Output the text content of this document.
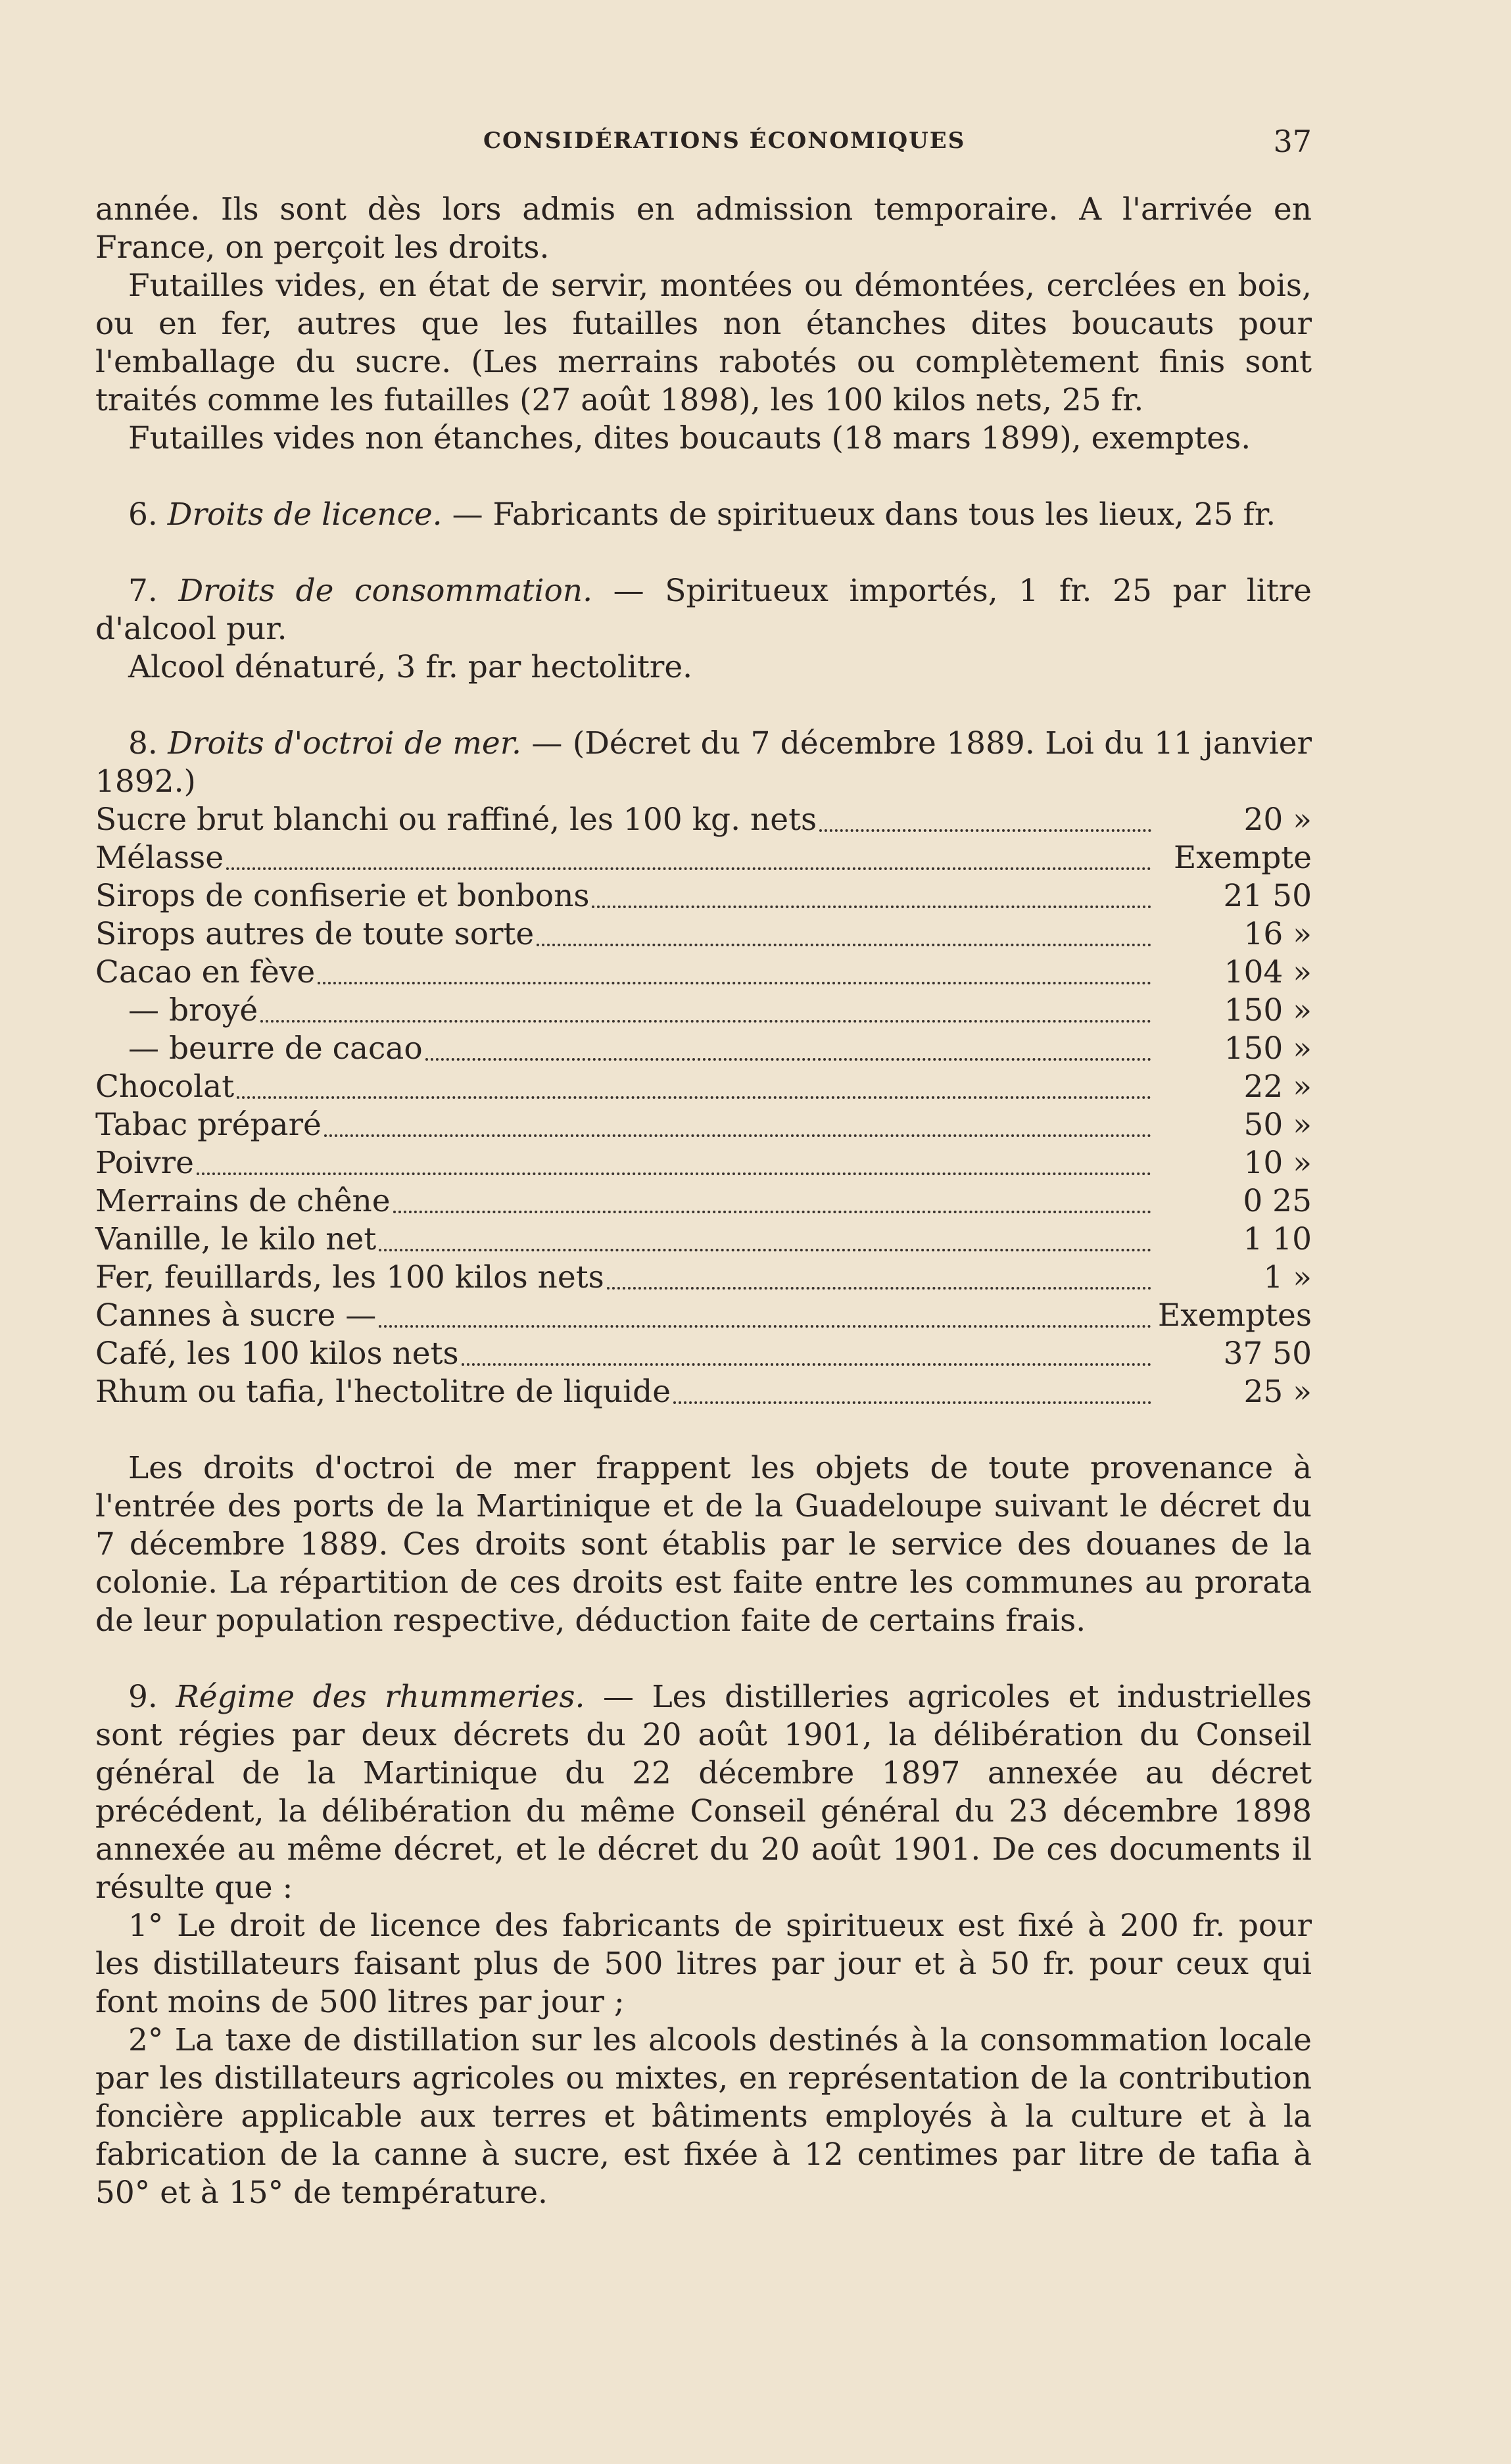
CONSIDÉRATIONS ÉCONOMIQUES	37

année. Ils sont dès lors admis en admission temporaire. A l'arrivée en France, on perçoit les droits.

Futailles vides, en état de servir, montées ou démontées, cerclées en bois, ou en fer, autres que les futailles non étanches dites boucauts pour l'emballage du sucre. (Les merrains rabotés ou complètement finis sont traités comme les futailles (27 août 1898), les 100 kilos nets, 25 fr.

Futailles vides non étanches, dites boucauts (18 mars 1899), exemptes.

6. Droits de licence. — Fabricants de spiritueux dans tous les lieux, 25 fr.

7. Droits de consommation. — Spiritueux importés, 1 fr. 25 par litre d'alcool pur.

Alcool dénaturé, 3 fr. par hectolitre.

8. Droits d'octroi de mer. — (Décret du 7 décembre 1889. Loi du 11 janvier 1892.)

Sucre brut blanchi ou raffiné, les 100 kg. nets	20 »
Mélasse	Exempte
Sirops de confiserie et bonbons	21 50
Sirops autres de toute sorte	16 »
Cacao en fève	104 »
— broyé	150 »
— beurre de cacao	150 »
Chocolat	22 »
Tabac préparé	50 »
Poivre	10 »
Merrains de chêne	0 25
Vanille, le kilo net	1 10
Fer, feuillards, les 100 kilos nets	1 »
Cannes à sucre —	Exemptes
Café, les 100 kilos nets	37 50
Rhum ou tafia, l'hectolitre de liquide	25 »

Les droits d'octroi de mer frappent les objets de toute provenance à l'entrée des ports de la Martinique et de la Guadeloupe suivant le décret du 7 décembre 1889. Ces droits sont établis par le service des douanes de la colonie. La répartition de ces droits est faite entre les communes au prorata de leur population respective, déduction faite de certains frais.

9. Régime des rhummeries. — Les distilleries agricoles et industrielles sont régies par deux décrets du 20 août 1901, la délibération du Conseil général de la Martinique du 22 décembre 1897 annexée au décret précédent, la délibération du même Conseil général du 23 décembre 1898 annexée au même décret, et le décret du 20 août 1901. De ces documents il résulte que :

1° Le droit de licence des fabricants de spiritueux est fixé à 200 fr. pour les distillateurs faisant plus de 500 litres par jour et à 50 fr. pour ceux qui font moins de 500 litres par jour ;

2° La taxe de distillation sur les alcools destinés à la consommation locale par les distillateurs agricoles ou mixtes, en représentation de la contribution foncière applicable aux terres et bâtiments employés à la culture et à la fabrication de la canne à sucre, est fixée à 12 centimes par litre de tafia à 50° et à 15° de température.
